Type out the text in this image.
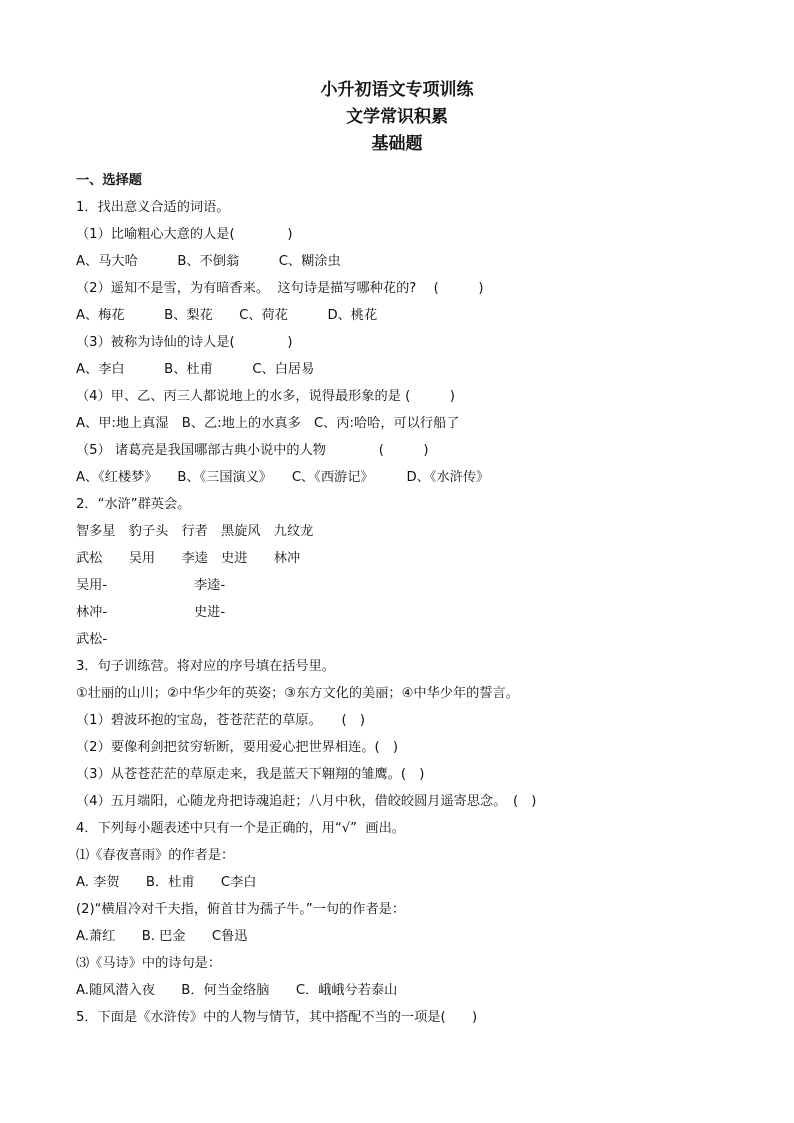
小升初语文专项训练
文学常识积累
基础题
一、选择题
1．找出意义合适的词语。
（1）比喻粗心大意的人是(　　　　)
A、马大哈　　　B、不倒翁　　　C、糊涂虫
（2）遥知不是雪，为有暗香来。  这句诗是描写哪种花的?　 (　　　)
A、梅花　　　B、梨花　　C、荷花　　　D、桃花
（3）被称为诗仙的诗人是(　　　　)
A、李白　　　B、杜甫　　　C、白居易
（4）甲、乙、丙三人都说地上的水多，说得最形象的是 (　　　)
A、甲:地上真湿　B、乙:地上的水真多　C、丙:哈哈，可以行船了
（5） 诸葛亮是我国哪部古典小说中的人物　　　　(　　　)
A、《红楼梦》　　B、《三国演义》　　C、《西游记》　　　D、《水浒传》
2．“水浒”群英会。
智多星　豹子头　行者　黑旋风　九纹龙
武松　　吴用　　李逵　史进　　林冲
吴用-	李逵-
林冲-	史进-
武松-
3．句子训练营。将对应的序号填在括号里。
①壮丽的山川；②中华少年的英姿；③东方文化的美丽；④中华少年的誓言。
（1）碧波环抱的宝岛，苍苍茫茫的草原。　　(　)
（2）要像利剑把贫穷斩断，要用爱心把世界相连。(　)
（3）从苍苍茫茫的草原走来，我是蓝天下翱翔的雏鹰。(　)
（4）五月端阳，心随龙舟把诗魂追赶；八月中秋，借皎皎圆月遥寄思念。　(　)
4．下列每小题表述中只有一个是正确的，用“√”  画出。
⑴《春夜喜雨》的作者是：
A. 李贺　　B．杜甫　　C李白
(2)“横眉冷对千夫指，俯首甘为孺子牛。”一句的作者是：
A.萧红　　B. 巴金　　C鲁迅
⑶《马诗》中的诗句是：
A.随风潜入夜　　B．何当金络脑　　C．峨峨兮若泰山
5．下面是《水浒传》中的人物与情节，其中搭配不当的一项是(　　)
